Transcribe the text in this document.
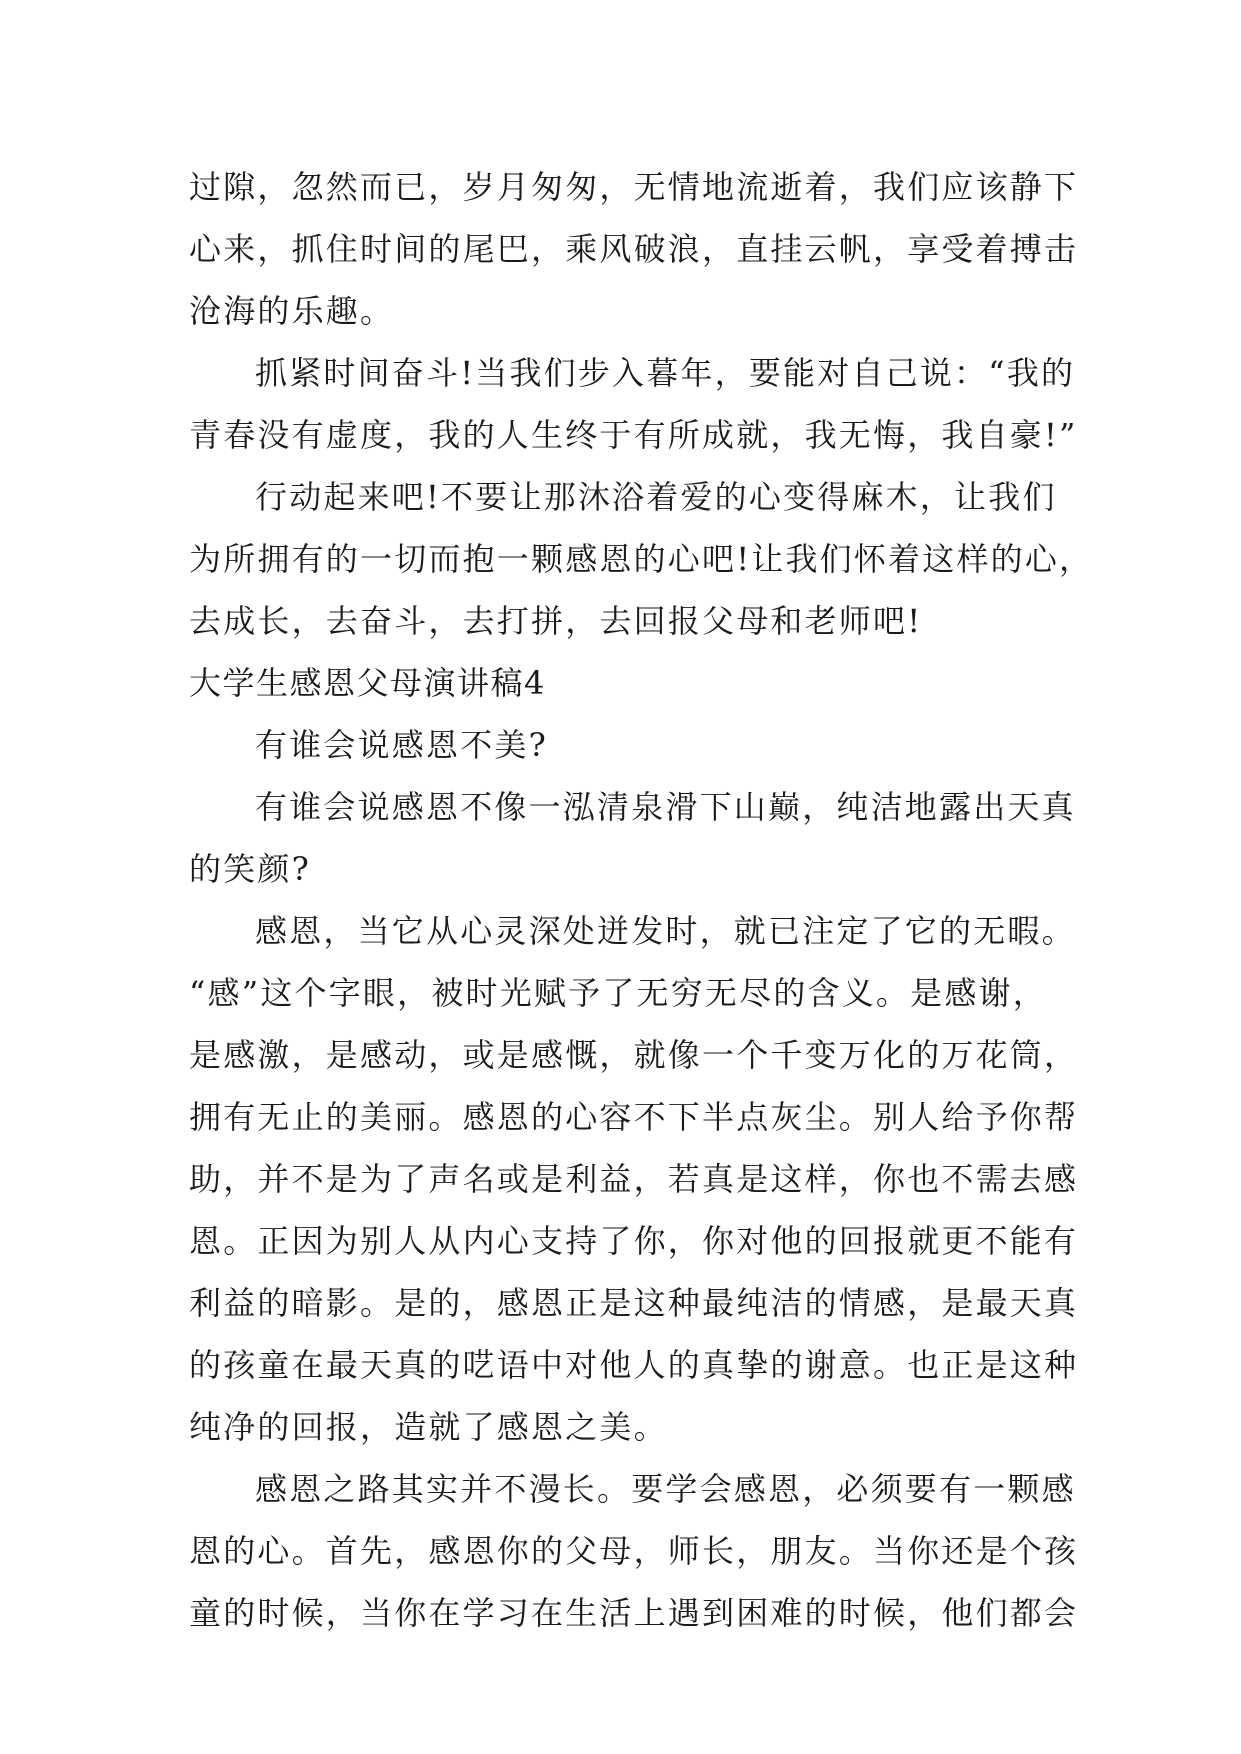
过隙，忽然而已，岁月匆匆，无情地流逝着，我们应该静下
心来，抓住时间的尾巴，乘风破浪，直挂云帆，享受着搏击
沧海的乐趣。
抓紧时间奋斗!当我们步入暮年，要能对自己说：“我的
青春没有虚度，我的人生终于有所成就，我无悔，我自豪!”
行动起来吧!不要让那沐浴着爱的心变得麻木，让我们
为所拥有的一切而抱一颗感恩的心吧!让我们怀着这样的心，
去成长，去奋斗，去打拼，去回报父母和老师吧!
大学生感恩父母演讲稿4
有谁会说感恩不美?
有谁会说感恩不像一泓清泉滑下山巅，纯洁地露出天真
的笑颜?
感恩，当它从心灵深处迸发时，就已注定了它的无暇。
“感”这个字眼，被时光赋予了无穷无尽的含义。是感谢，
是感激，是感动，或是感慨，就像一个千变万化的万花筒，
拥有无止的美丽。感恩的心容不下半点灰尘。别人给予你帮
助，并不是为了声名或是利益，若真是这样，你也不需去感
恩。正因为别人从内心支持了你，你对他的回报就更不能有
利益的暗影。是的，感恩正是这种最纯洁的情感，是最天真
的孩童在最天真的呓语中对他人的真挚的谢意。也正是这种
纯净的回报，造就了感恩之美。
感恩之路其实并不漫长。要学会感恩，必须要有一颗感
恩的心。首先，感恩你的父母，师长，朋友。当你还是个孩
童的时候，当你在学习在生活上遇到困难的时候，他们都会
